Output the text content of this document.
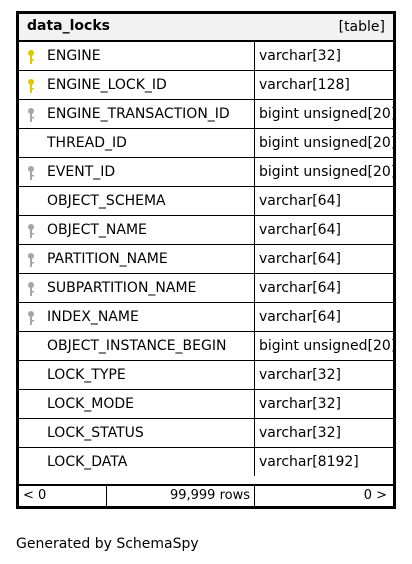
data_locks	[table]
ENGINE	varchar[32]
ENGINE_LOCK_ID	varchar[128]
ENGINE_TRANSACTION_ID bigint unsigned[20]
THREAD_ID	bigint unsigned[20]
EVENT_ID	bigint unsigned[20]
OBJECT_SCHEMA	varchar[64]
OBJECT_NAME	varchar[64]
PARTITION_NAME	varchar[64]
SUBPARTITION_NAME	varchar[64]
INDEX_NAME	varchar[64]
OBJECT_INSTANCE_BEGIN bigint unsigned[20]
LOCK_TYPE	varchar[32]
LOCK_MODE	varchar[32]
LOCK_STATUS	varchar[32]
LOCK_DATA	varchar[8192]
< 0	99,999 rows	0 >
Generated by SchemaSpy
